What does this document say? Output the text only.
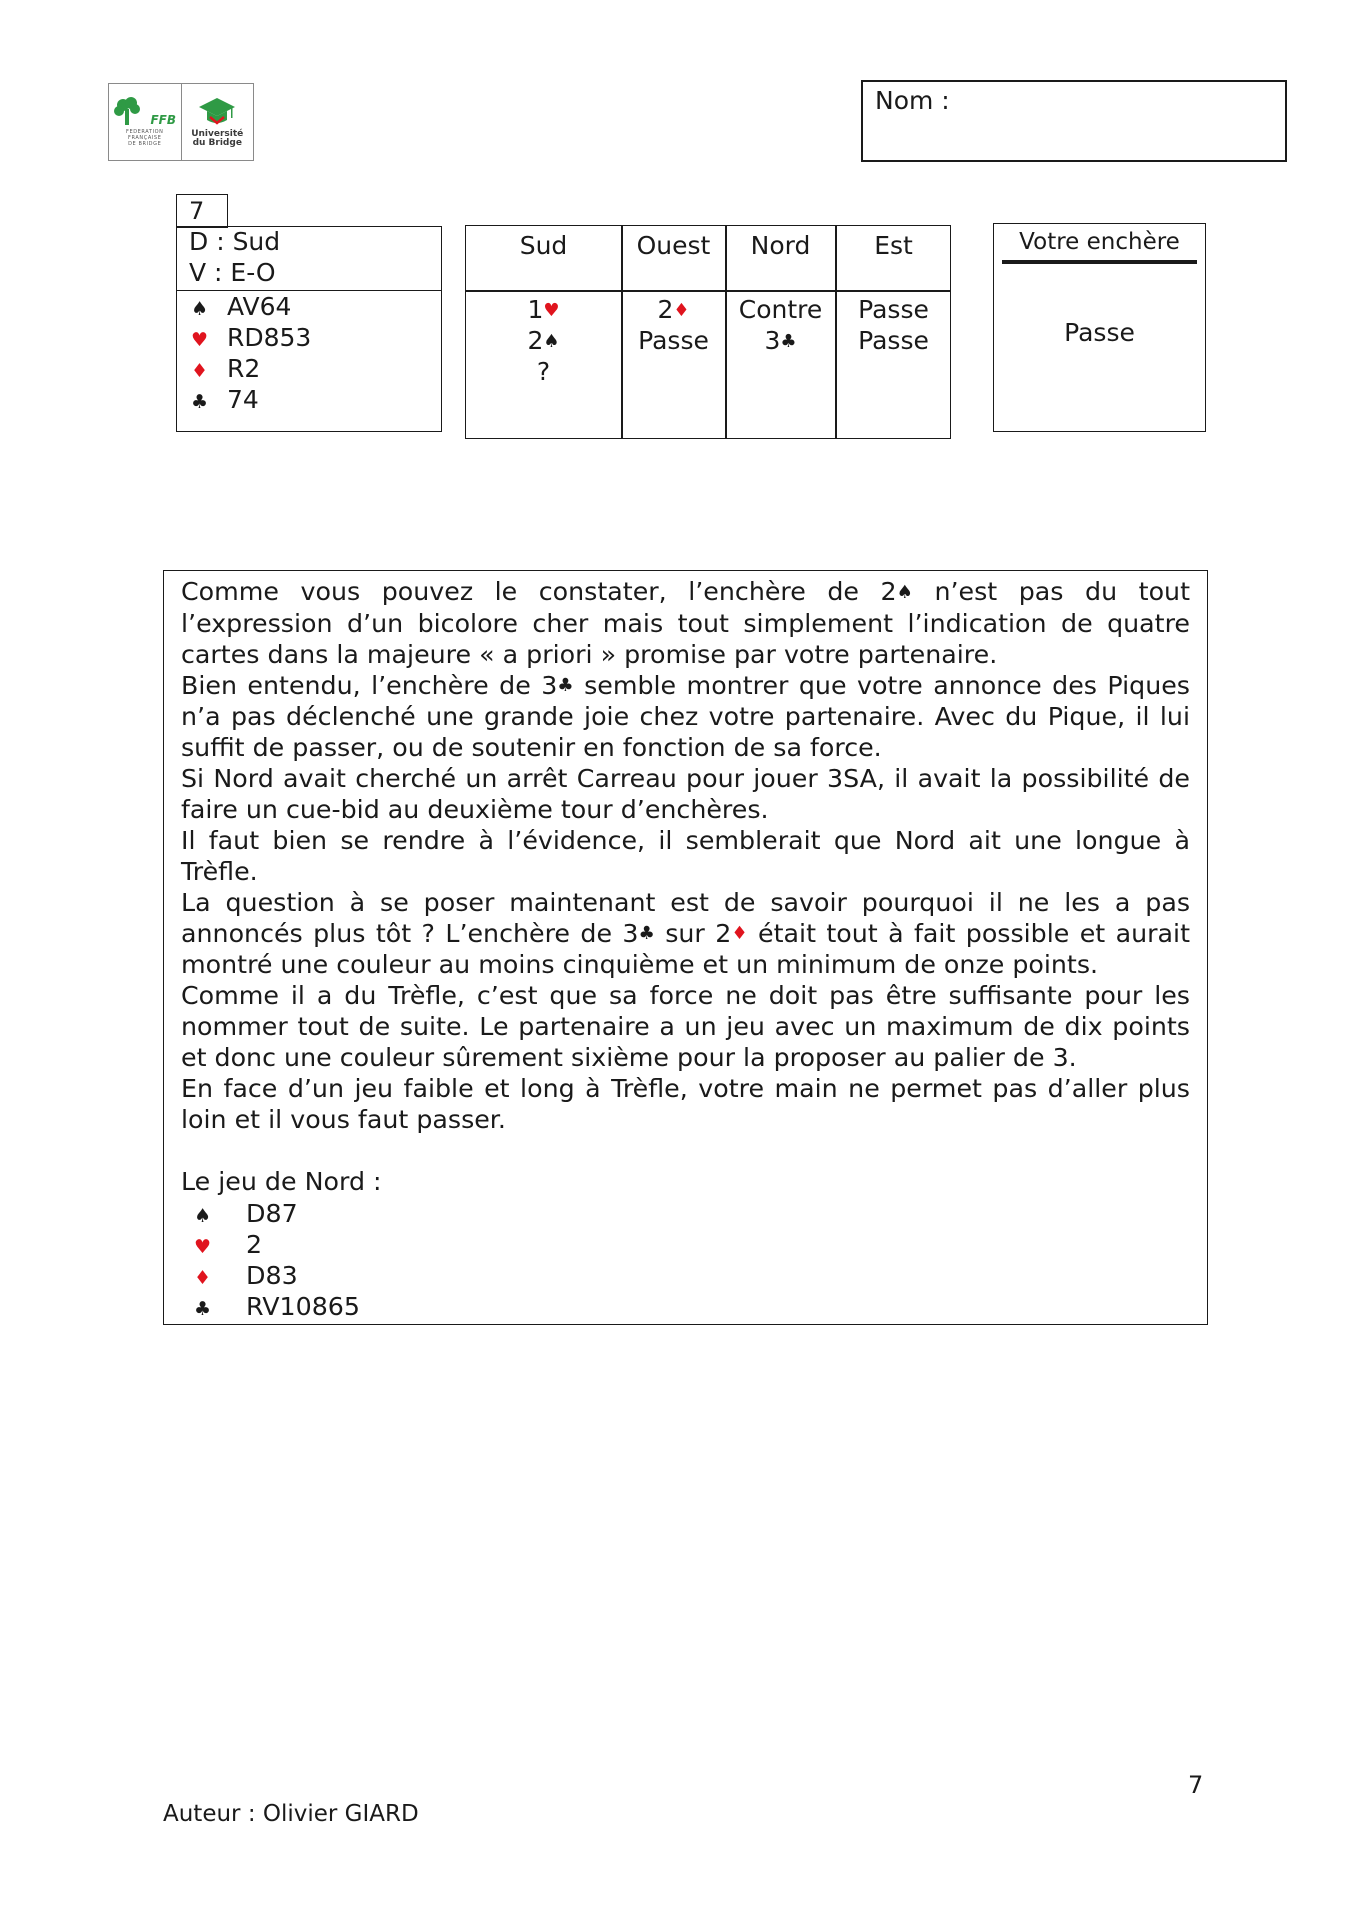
FFB
FEDERATION
FRANÇAISE
DE BRIDGE
Université
du Bridge
Nom :
7
D : Sud
V : E-O
♠ AV64
♥ RD853
♦ R2
♣ 74
Sud
1♥
2♠
?
Ouest
2♦
Passe
Nord
Contre
3♣
Est
Passe
Passe
Votre enchère
Passe

Comme vous pouvez le constater, l’enchère de 2♠ n’est pas du tout l’expression d’un bicolore cher mais tout simplement l’indication de quatre cartes dans la majeure « a priori » promise par votre partenaire.

Bien entendu, l’enchère de 3♣ semble montrer que votre annonce des Piques n’a pas déclenché une grande joie chez votre partenaire. Avec du Pique, il lui suffit de passer, ou de soutenir en fonction de sa force.

Si Nord avait cherché un arrêt Carreau pour jouer 3SA, il avait la possibilité de faire un cue-bid au deuxième tour d’enchères.

Il faut bien se rendre à l’évidence, il semblerait que Nord ait une longue à Trèfle.

La question à se poser maintenant est de savoir pourquoi il ne les a pas annoncés plus tôt ? L’enchère de 3♣ sur 2♦ était tout à fait possible et aurait montré une couleur au moins cinquième et un minimum de onze points.

Comme il a du Trèfle, c’est que sa force ne doit pas être suffisante pour les nommer tout de suite. Le partenaire a un jeu avec un maximum de dix points et donc une couleur sûrement sixième pour la proposer au palier de 3.

En face d’un jeu faible et long à Trèfle, votre main ne permet pas d’aller plus loin et il vous faut passer.

Le jeu de Nord :

♠ D87
♥ 2
♦ D83
♣ RV10865
7
Auteur : Olivier GIARD
